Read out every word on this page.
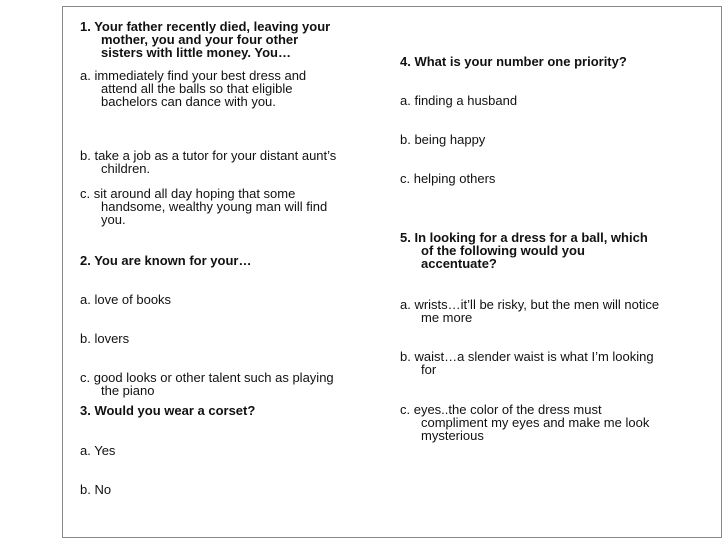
1. Your father recently died, leaving your
mother, you and your four other
sisters with little money. You…
a. immediately find your best dress and
attend all the balls so that eligible
bachelors can dance with you.
b. take a job as a tutor for your distant aunt’s
children.
c. sit around all day hoping that some
handsome, wealthy young man will find
you.
2. You are known for your…
a. love of books
b. lovers
c. good looks or other talent such as playing
the piano
3. Would you wear a corset?
a. Yes
b. No
4. What is your number one priority?
a. finding a husband
b. being happy
c. helping others
5. In looking for a dress for a ball, which
of the following would you
accentuate?
a. wrists…it’ll be risky, but the men will notice
me more
b. waist…a slender waist is what I’m looking
for
c. eyes..the color of the dress must
compliment my eyes and make me look
mysterious
